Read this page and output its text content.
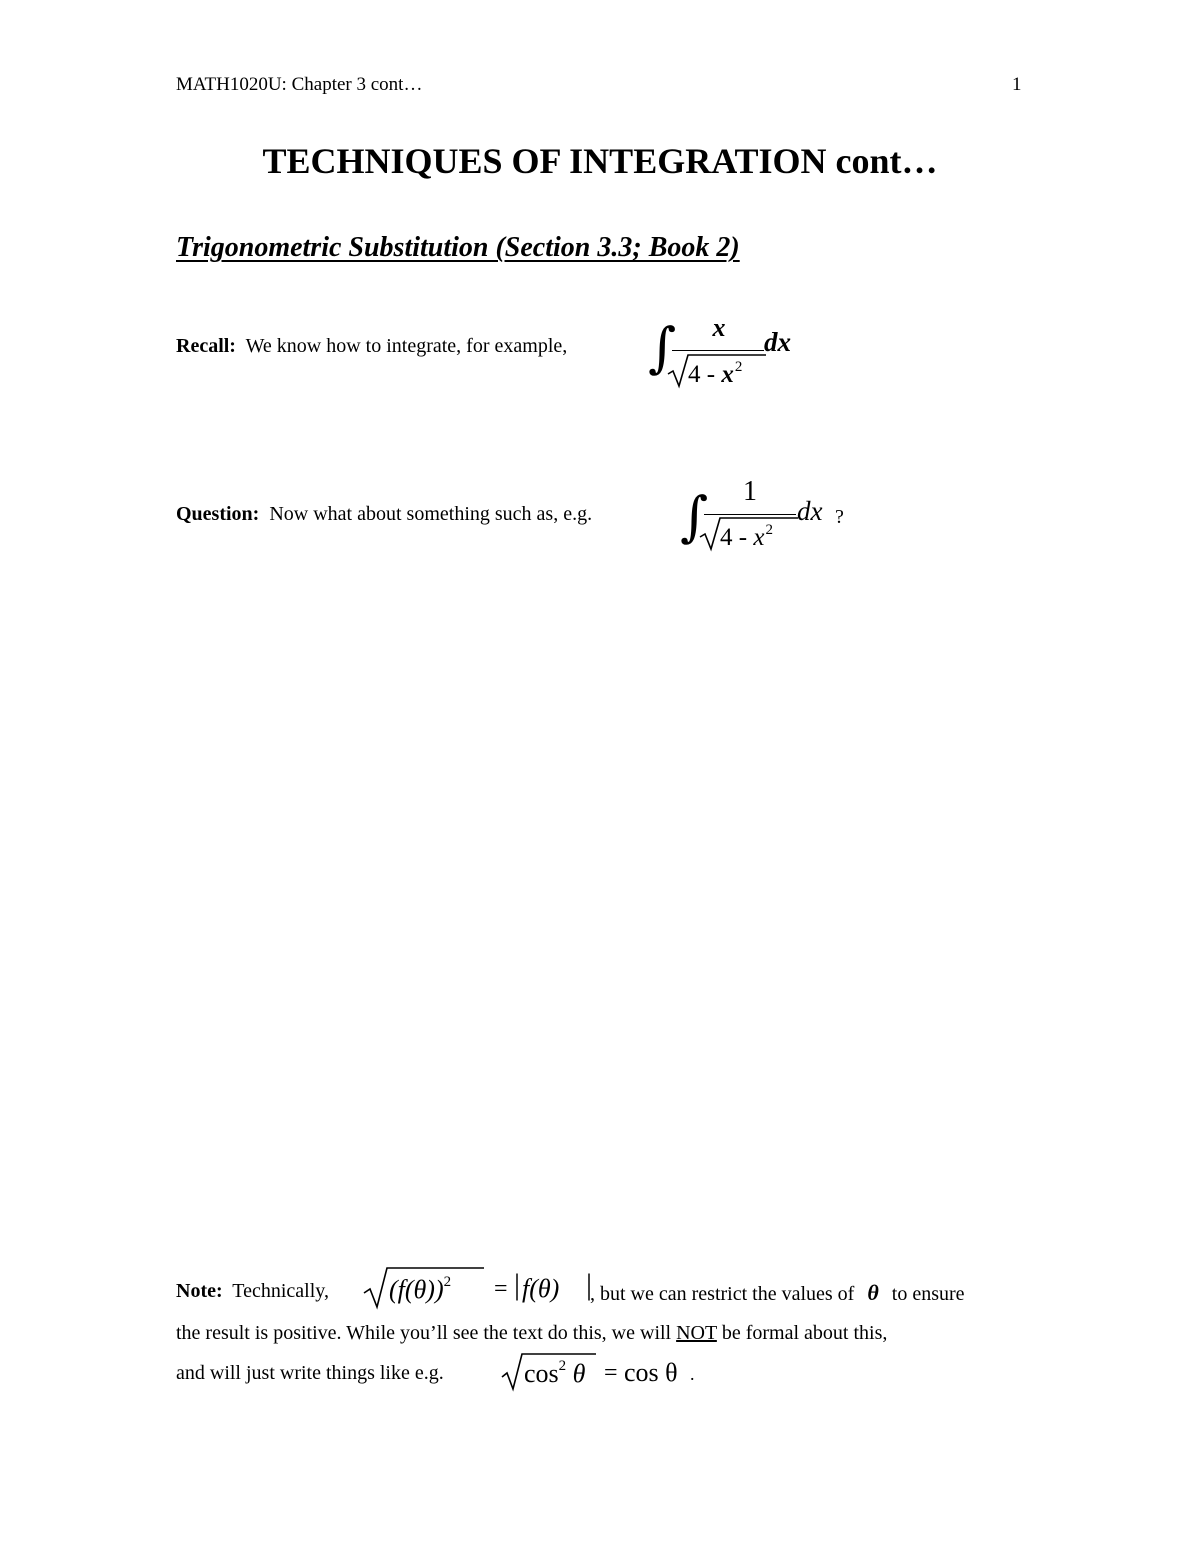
MATH1020U: Chapter 3 cont…	1
TECHNIQUES OF INTEGRATION cont…
Trigonometric Substitution (Section 3.3; Book 2)
Recall: We know how to integrate, for example, ∫	x
$4 - x^2$
dx
Question: Now what about something such as, e.g. ∫	1
$4 - x^2$
dx ?
Note: Technically, $(f(\theta))^2$ = | f(θ) |
, but we can restrict the values of θ to ensure
the result is positive. While you’ll see the text do this, we will NOT be formal about this,
and will just write things like e.g.	$\cos^2 \theta = \cos \theta$ .
